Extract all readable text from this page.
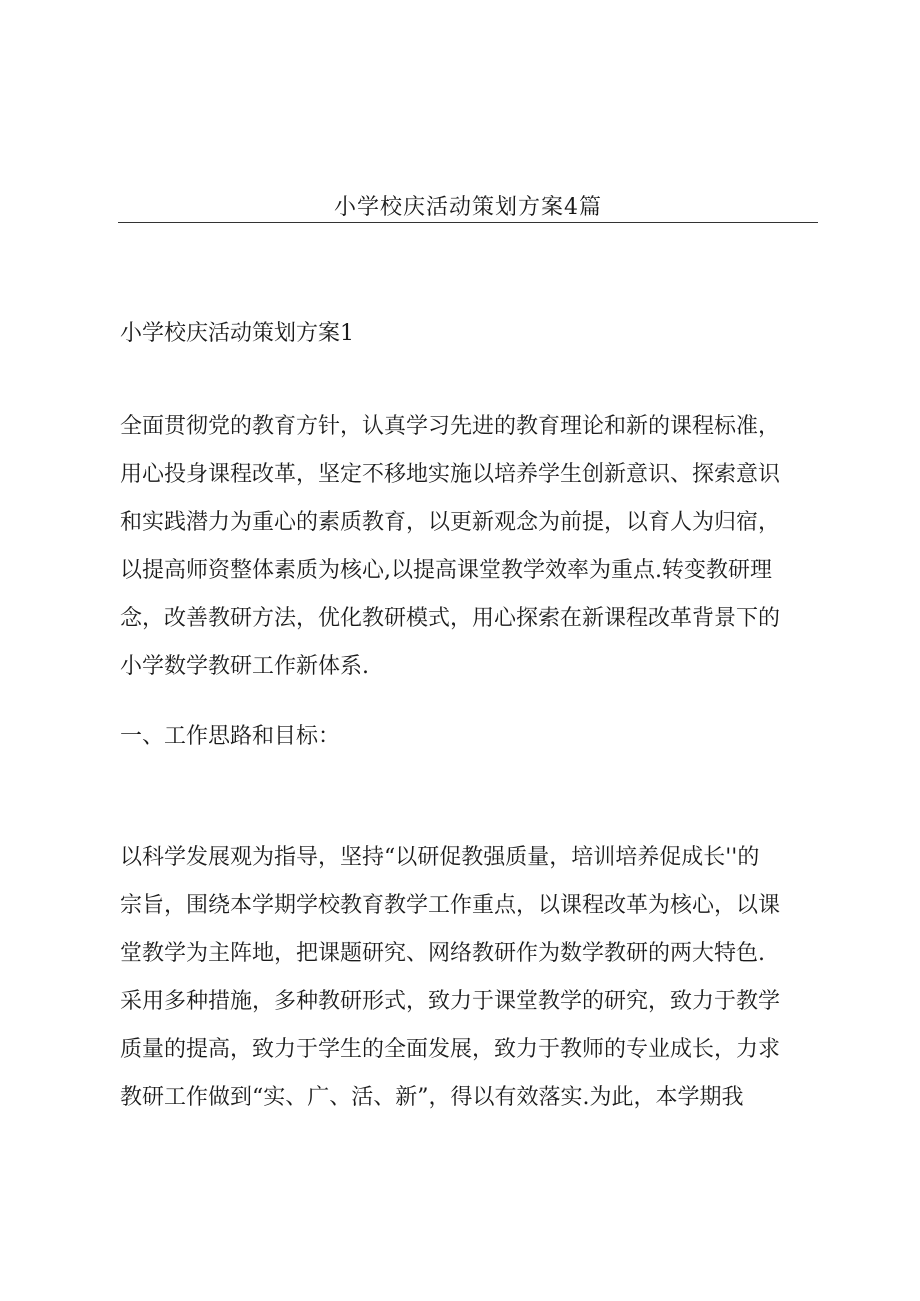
小学校庆活动策划方案4篇
小学校庆活动策划方案1
全面贯彻党的教育方针，认真学习先进的教育理论和新的课程标准，
用心投身课程改革，坚定不移地实施以培养学生创新意识、探索意识
和实践潜力为重心的素质教育，以更新观念为前提，以育人为归宿，
以提高师资整体素质为核心,以提高课堂教学效率为重点.转变教研理
念，改善教研方法，优化教研模式，用心探索在新课程改革背景下的
小学数学教研工作新体系.
一、工作思路和目标：
以科学发展观为指导，坚持“以研促教强质量，培训培养促成长''的
宗旨，围绕本学期学校教育教学工作重点，以课程改革为核心，以课
堂教学为主阵地，把课题研究、网络教研作为数学教研的两大特色.
采用多种措施，多种教研形式，致力于课堂教学的研究，致力于教学
质量的提高，致力于学生的全面发展，致力于教师的专业成长，力求
教研工作做到“实、广、活、新”，得以有效落实.为此，本学期我
